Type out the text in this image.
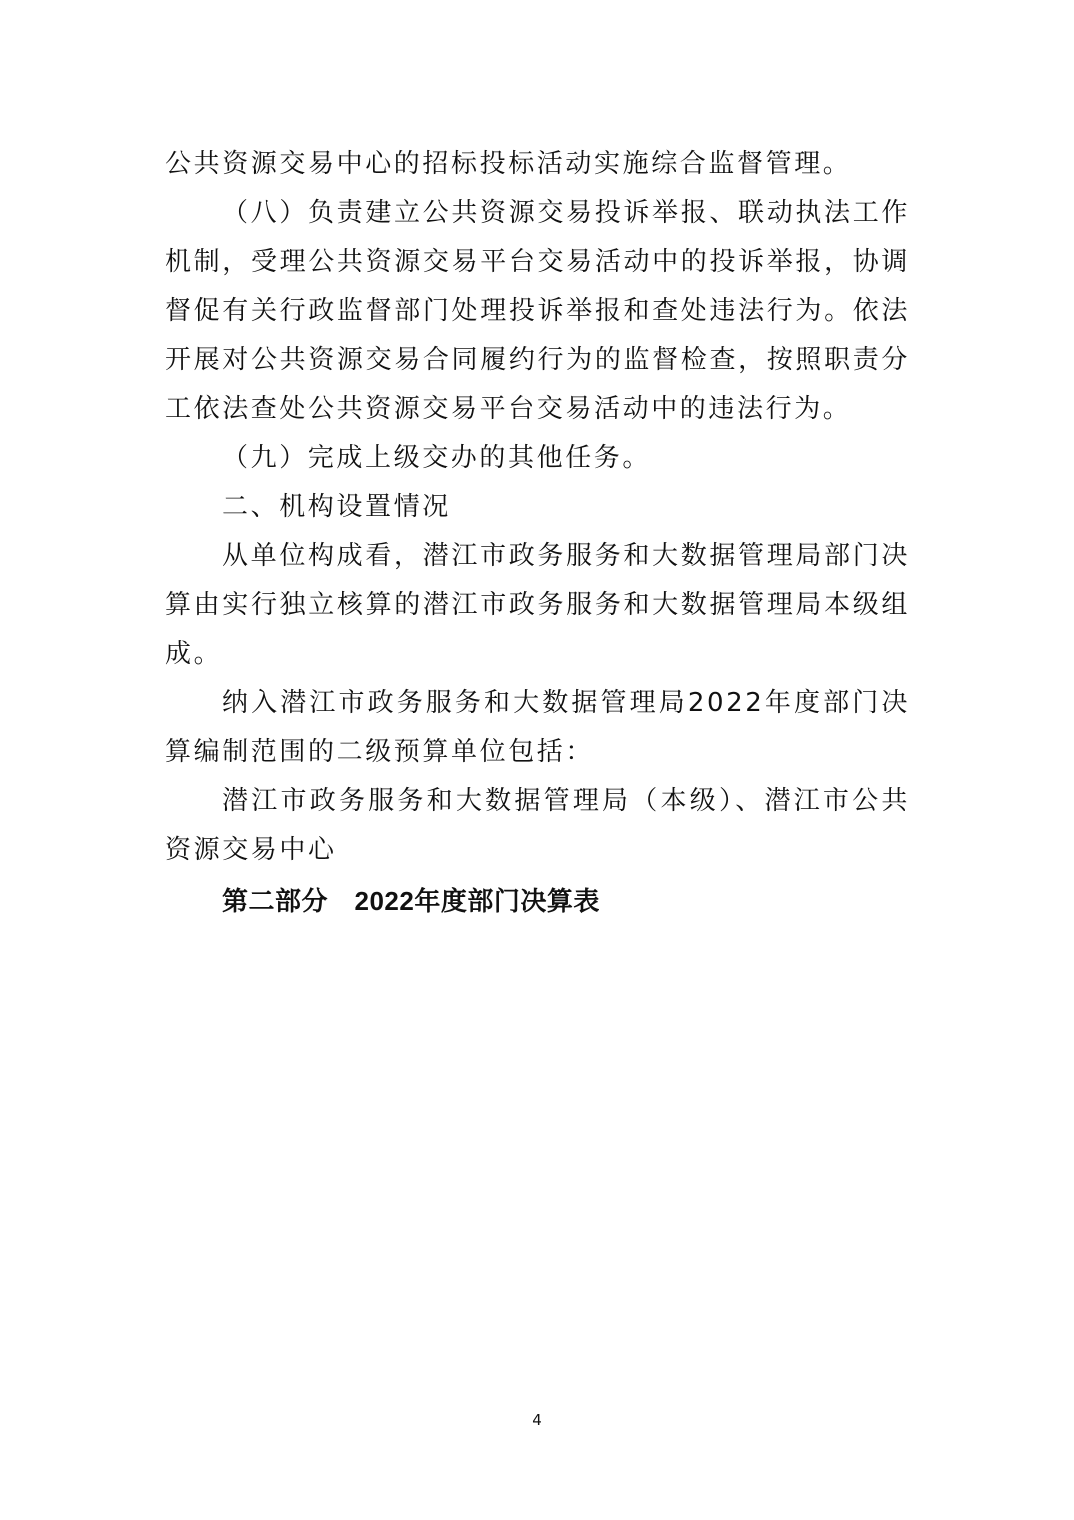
公共资源交易中心的招标投标活动实施综合监督管理。

（八）负责建立公共资源交易投诉举报、联动执法工作机制，受理公共资源交易平台交易活动中的投诉举报，协调督促有关行政监督部门处理投诉举报和查处违法行为。依法开展对公共资源交易合同履约行为的监督检查，按照职责分工依法查处公共资源交易平台交易活动中的违法行为。

（九）完成上级交办的其他任务。

二、机构设置情况

从单位构成看，潜江市政务服务和大数据管理局部门决算由实行独立核算的潜江市政务服务和大数据管理局本级组成。

纳入潜江市政务服务和大数据管理局2022年度部门决算编制范围的二级预算单位包括：

潜江市政务服务和大数据管理局（本级）、潜江市公共资源交易中心

第二部分　2022年度部门决算表

4
